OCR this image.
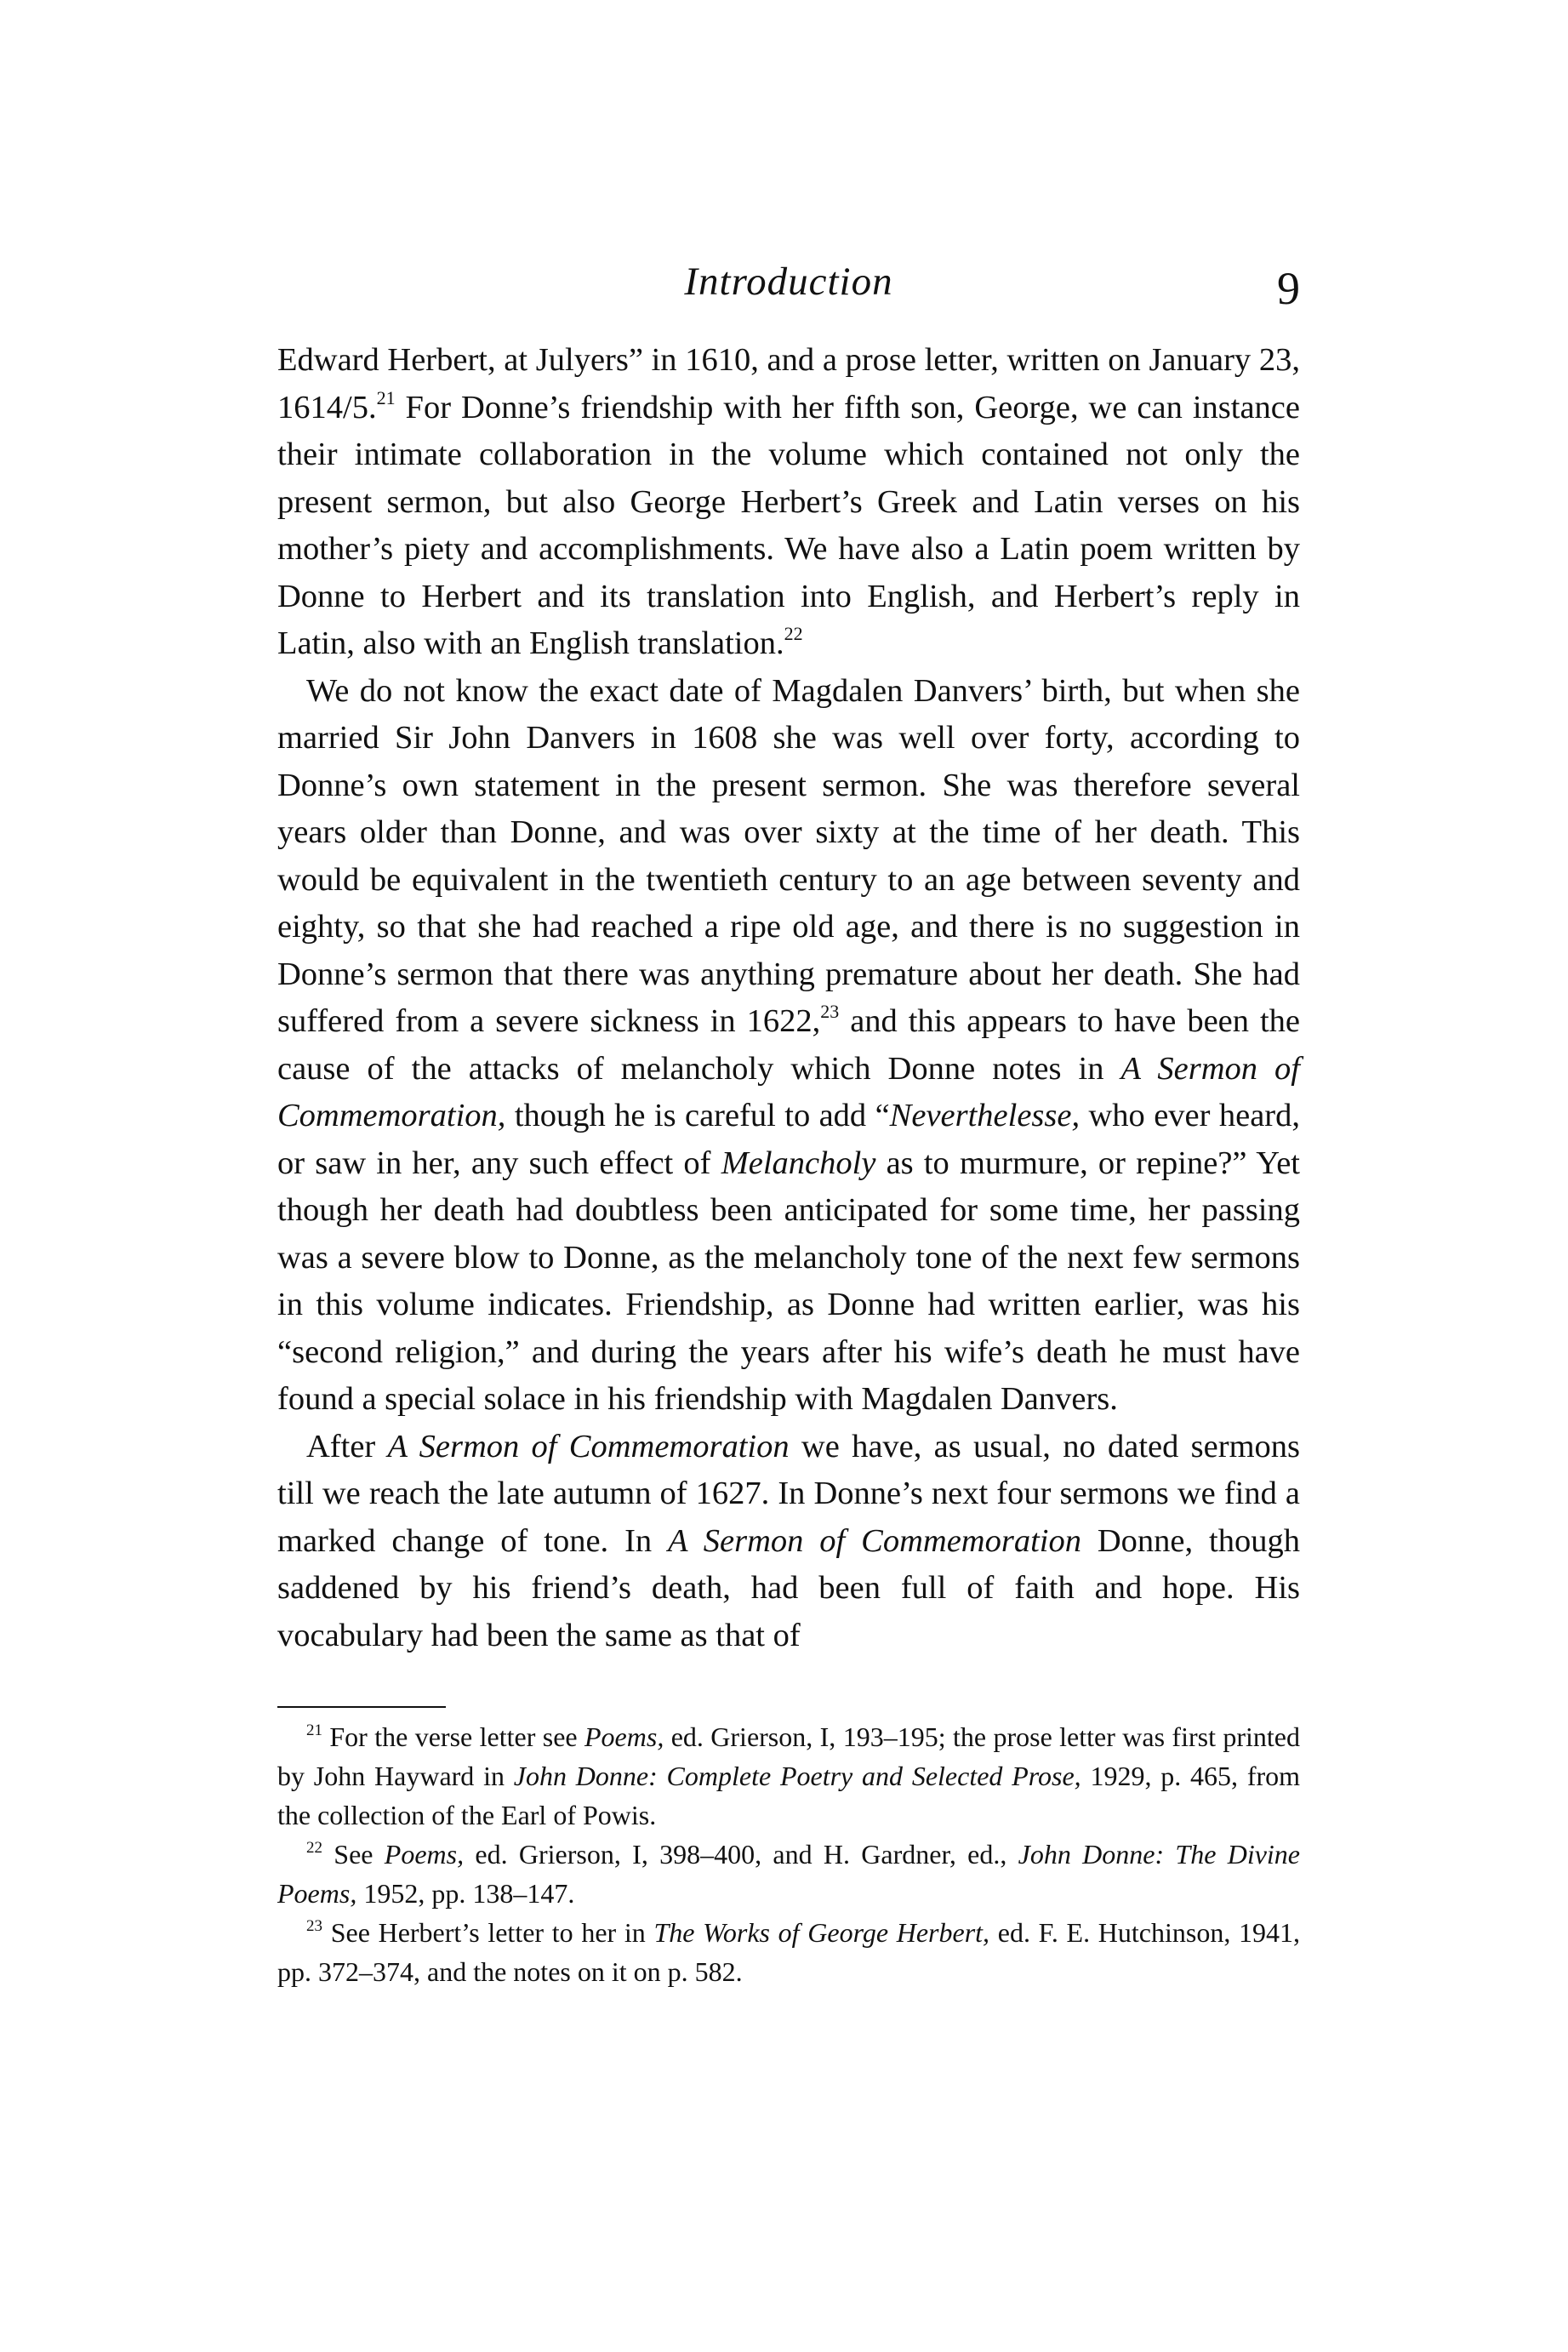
Introduction	9

Edward Herbert, at Julyers” in 1610, and a prose letter, written on January 23, 1614/5.21 For Donne’s friendship with her fifth son, George, we can instance their intimate collaboration in the volume which contained not only the present sermon, but also George Herbert’s Greek and Latin verses on his mother’s piety and accomplishments. We have also a Latin poem written by Donne to Herbert and its translation into English, and Herbert’s reply in Latin, also with an English translation.$^{22}$

We do not know the exact date of Magdalen Danvers’ birth, but when she married Sir John Danvers in 1608 she was well over forty, according to Donne’s own statement in the present sermon. She was therefore several years older than Donne, and was over sixty at the time of her death. This would be equivalent in the twentieth century to an age between seventy and eighty, so that she had reached a ripe old age, and there is no suggestion in Donne’s sermon that there was anything premature about her death. She had suffered from a severe sickness in 1622,23 and this appears to have been the cause of the attacks of melancholy which Donne notes in A Sermon of Commemoration, though he is careful to add “Neverthelesse, who ever heard, or saw in her, any such effect of Melancholy as to murmure, or repine?” Yet though her death had doubtless been anticipated for some time, her passing was a severe blow to Donne, as the melancholy tone of the next few sermons in this volume indicates. Friendship, as Donne had written earlier, was his “second religion,” and during the years after his wife’s death he must have found a special solace in his friendship with Magdalen Danvers.

After A Sermon of Commemoration we have, as usual, no dated sermons till we reach the late autumn of 1627. In Donne’s next four sermons we find a marked change of tone. In A Sermon of Commemoration Donne, though saddened by his friend’s death, had been full of faith and hope. His vocabulary had been the same as that of

$^{21}$ For the verse letter see Poems, ed. Grierson, I, 193–195; the prose letter was first printed by John Hayward in John Donne: Complete Poetry and Selected Prose, 1929, p. 465, from the collection of the Earl of Powis.

$^{22}$ See Poems, ed. Grierson, I, 398–400, and H. Gardner, ed., John Donne: The Divine Poems, 1952, pp. 138–147.

$^{23}$ See Herbert’s letter to her in The Works of George Herbert, ed. F. E. Hutchinson, 1941, pp. 372–374, and the notes on it on p. 582.
